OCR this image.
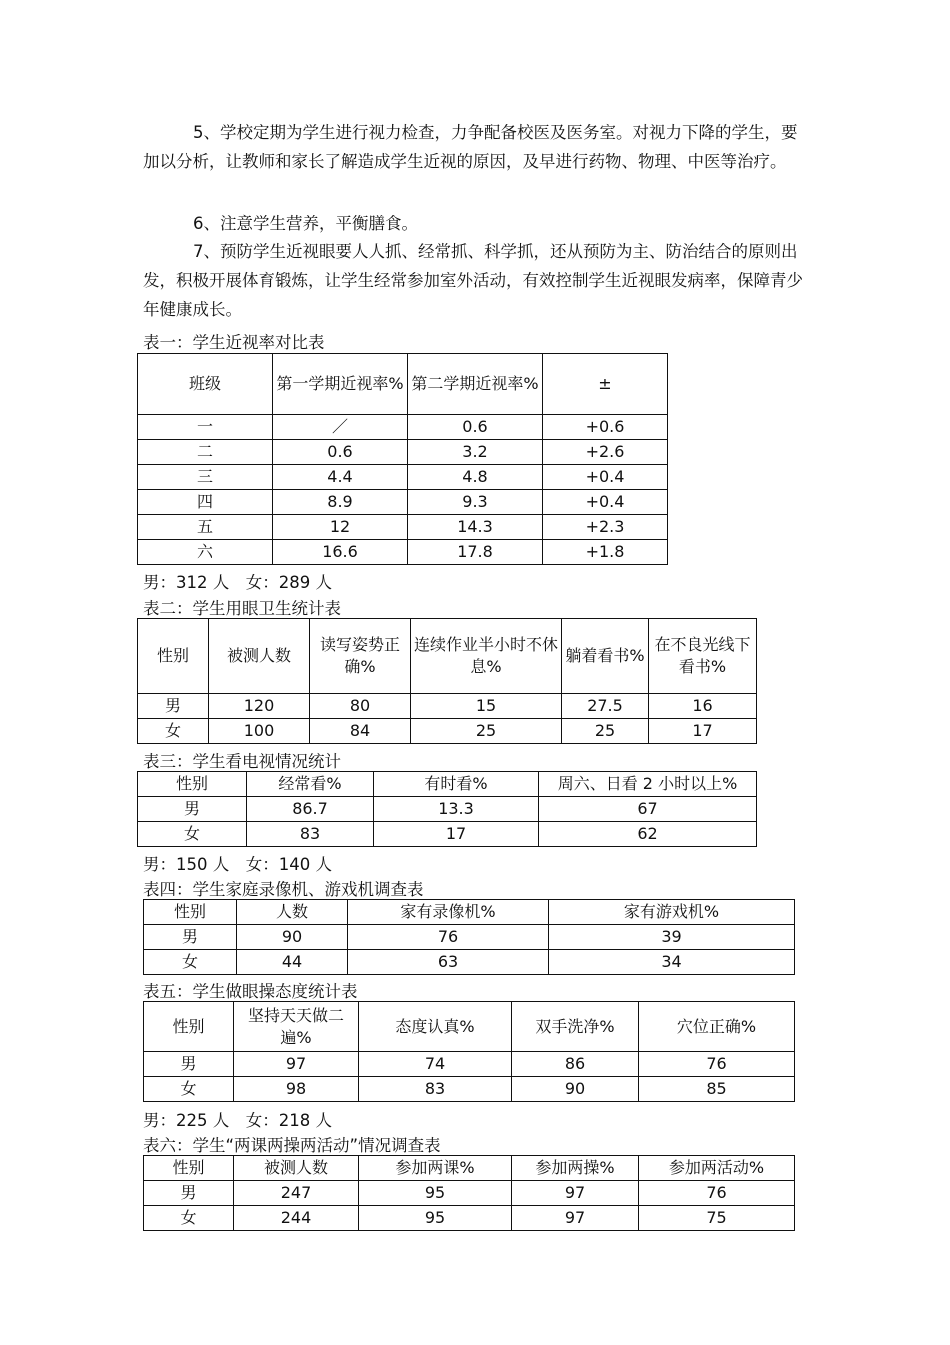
5、学校定期为学生进行视力检查，力争配备校医及医务室。对视力下降的学生，要加以分析，让教师和家长了解造成学生近视的原因，及早进行药物、物理、中医等治疗。
6、注意学生营养，平衡膳食。
7、预防学生近视眼要人人抓、经常抓、科学抓，还从预防为主、防治结合的原则出发，积极开展体育锻炼，让学生经常参加室外活动，有效控制学生近视眼发病率，保障青少年健康成长。
表一：学生近视率对比表
班级	第一学期近视率%	第二学期近视率%	±
一	／	0.6	+0.6
二	0.6	3.2	+2.6
三	4.4	4.8	+0.4
四	8.9	9.3	+0.4
五	12	14.3	+2.3
六	16.6	17.8	+1.8
男：312 人　女：289 人
表二：学生用眼卫生统计表
性别	被测人数	读写姿势正确%	连续作业半小时不休息%	躺着看书%	在不良光线下看书%
男	120	80	15	27.5	16
女	100	84	25	25	17
表三：学生看电视情况统计
性别	经常看%	有时看%	周六、日看 2 小时以上%
男	86.7	13.3	67
女	83	17	62
男：150 人　女：140 人
表四：学生家庭录像机、游戏机调查表
性别	人数	家有录像机%	家有游戏机%
男	90	76	39
女	44	63	34
表五：学生做眼操态度统计表
性别	坚持天天做二遍%	态度认真%	双手洗净%	穴位正确%
男	97	74	86	76
女	98	83	90	85
男：225 人　女：218 人
表六：学生“两课两操两活动”情况调查表
性别	被测人数	参加两课%	参加两操%	参加两活动%
男	247	95	97	76
女	244	95	97	75
